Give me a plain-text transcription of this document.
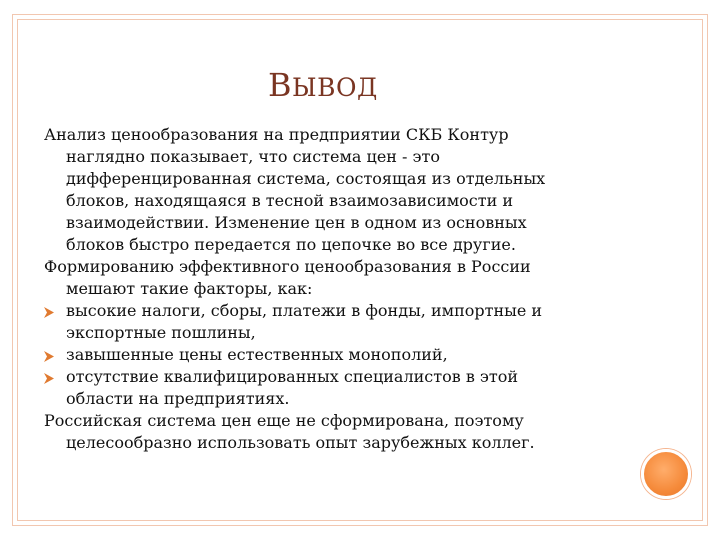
ВЫВОД

Анализ ценообразования на предприятии СКБ Контур
наглядно показывает, что система цен - это
дифференцированная система, состоящая из отдельных
блоков, находящаяся в тесной взаимозависимости и
взаимодействии. Изменение цен в одном из основных
блоков быстро передается по цепочке во все другие.

Формированию эффективного ценообразования в России
мешают такие факторы, как:

высокие налоги, сборы, платежи в фонды, импортные и
экспортные пошлины,
завышенные цены естественных монополий,
отсутствие квалифицированных специалистов в этой
области на предприятиях.

Российская система цен еще не сформирована, поэтому
целесообразно использовать опыт зарубежных коллег.
